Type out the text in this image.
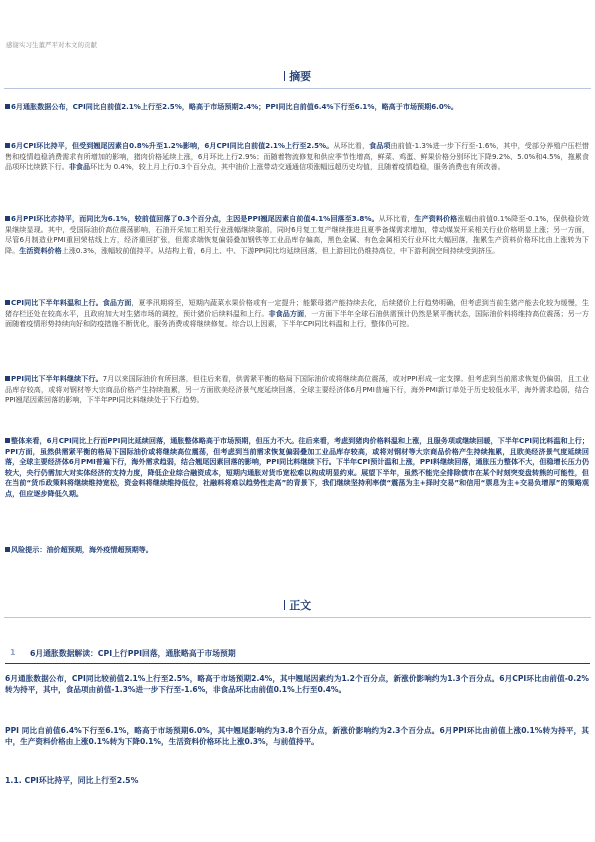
感谢实习生董严平对本文的贡献
摘要
6月通胀数据公布，CPI同比自前值2.1%上行至2.5%，略高于市场预期2.4%；PPI同比自前值6.4%下行至6.1%，略高于市场预期6.0%。
6月CPI环比持平，但受到翘尾因素自0.8%升至1.2%影响，6月CPI同比自前值2.1%上行至2.5%。从环比看，食品项由前值-1.3%进一步下行至-1.6%，其中，受部分养殖户压栏惜售和疫情趋稳消费需求有所增加的影响，猪肉价格延续上涨，6月环比上行2.9%；而随着物流修复和供应季节性增高，鲜菜、鸡蛋、鲜果价格分别环比下降9.2%、5.0%和4.5%，拖累食品项环比续跌下行。非食品环比为 0.4%，较上月上行0.3个百分点，其中油价上涨带动交通通信项涨幅远超历史均值，且随着疫情趋稳，服务消费也有所改善。
6月PPI环比亦持平，而同比为6.1%，较前值回落了0.3个百分点，主因是PPI翘尾因素自前值4.1%回落至3.8%。从环比看，生产资料价格涨幅由前值0.1%降至-0.1%，保供稳价效果继续显现。其中，受国际油价高位震荡影响，石油开采加工相关行业涨幅继续靠前，同时6月复工复产继续推进且夏季备煤需求增加，带动煤炭开采相关行业价格明显上涨；另一方面，尽管6月制造业PMI重回荣枯线上方，经济重回扩张，但需求端恢复偏弱叠加钢铁等工业品库存偏高，黑色金属、有色金属相关行业环比大幅回落，拖累生产资料价格环比由上涨转为下降。生活资料价格上涨0.3%，涨幅较前值持平。从结构上看，6月上、中、下游PPI同比均延续回落，但上游回比仍维持高位，中下游利润空间持续受到挤压。
CPI同比下半年料温和上行。食品方面，夏季汛期将至，短期内蔬菜水果价格或有一定提升；能繁母猪产能持续去化，后续猪价上行趋势明确，但考虑到当前生猪产能去化较为缓慢，生猪存栏还处在较高水平，且政府加大对生猪市场的调控，预计猪价后续料温和上行。非食品方面，一方面下半年全球石油供需预计仍然是紧平衡状态，国际油价料将维持高位震荡；另一方面随着疫情形势持续向好和防疫措施不断优化，服务消费或将继续修复。综合以上因素，下半年CPI同比料温和上行，整体仍可控。
PPI同比下半年料继续下行。7月以来国际油价有所回落，但往后来看，供需紧平衡的格局下国际油价或将继续高位震荡，或对PPI形成一定支撑。但考虑到当前需求恢复仍偏弱，且工业品库存较高，或将对钢材等大宗商品价格产生持续拖累，另一方面欧美经济景气度延续回落，全球主要经济体6月PMI普遍下行，海外PMI新订单处于历史较低水平，海外需求趋弱，结合PPI翘尾因素回落的影响，下半年PPI同比料继续处于下行趋势。
整体来看，6月CPI同比上行而PPI同比延续回落，通胀整体略高于市场预期，但压力不大。往后来看，考虑到猪肉价格料温和上涨，且服务项或继续回暖，下半年CPI同比料温和上行；PPI方面，虽然供需紧平衡的格局下国际油价或将继续高位震荡，但考虑到当前需求恢复偏弱叠加工业品库存较高，或将对钢材等大宗商品价格产生持续拖累，且欧美经济景气度延续回落，全球主要经济体6月PMI普遍下行，海外需求趋弱，结合翘尾因素回落的影响，PPI同比料继续下行。下半年CPI预计温和上涨，PPI料继续回落，通胀压力整体不大，但稳增长压力仍较大，央行仍需加大对实体经济的支持力度，降低企业综合融资成本，短期内通胀对货币宽松难以构成明显约束。展望下半年，虽然不能完全排除债市在某个时刻突变盘转熊的可能性，但在当前“货币政策料将继续维持宽松，资金料将继续维持低位，社融料将难以趋势性走高”的背景下，我们继续坚持利率债“震荡为主+择时交易”和信用“票息为主+交易负增厚”的策略观点，但应逐步降低久期。
风险提示：油价超预期，海外疫情超预期等。
正文
1 6月通胀数据解读：CPI上行PPI回落，通胀略高于市场预期
6月通胀数据公布，CPI同比较前值2.1%上行至2.5%，略高于市场预期2.4%，其中翘尾因素约为1.2个百分点，新涨价影响约为1.3个百分点。6月CPI环比由前值-0.2%转为持平，其中，食品项由前值-1.3%进一步下行至-1.6%，非食品环比由前值0.1%上行至0.4%。
PPI 同比自前值6.4%下行至6.1%，略高于市场预期6.0%，其中翘尾影响约为3.8个百分点，新涨价影响约为2.3个百分点。6月PPI环比由前值上涨0.1%转为持平，其中，生产资料价格由上涨0.1%转为下降0.1%，生活资料价格环比上涨0.3%，与前值持平。
1.1. CPI环比持平，同比上行至2.5%
